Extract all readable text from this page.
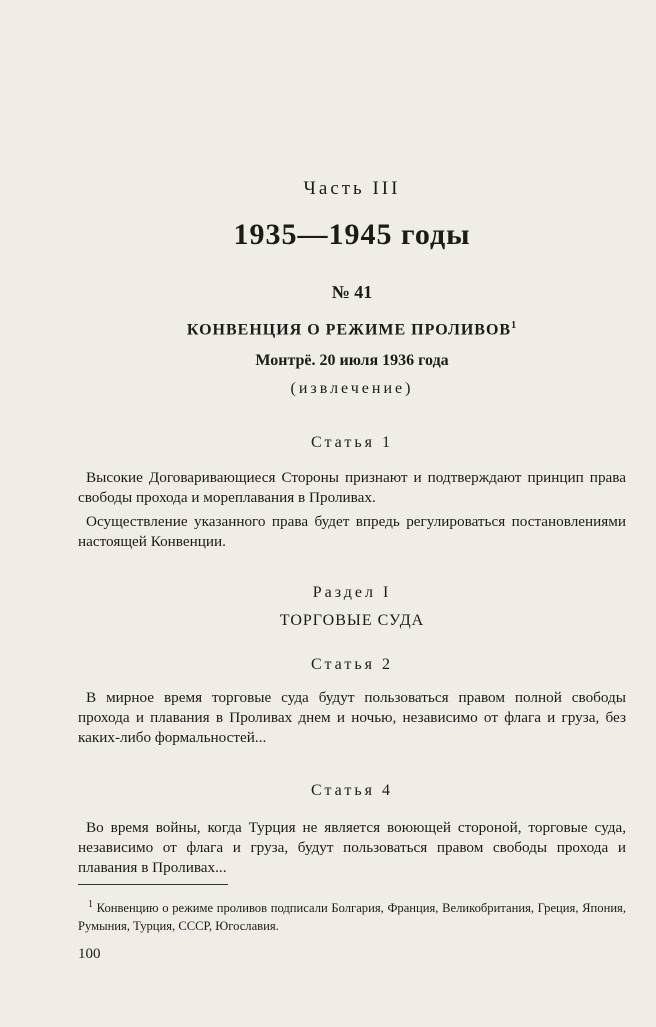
Часть III
1935—1945 годы
№ 41
КОНВЕНЦИЯ О РЕЖИМЕ ПРОЛИВОВ$^1$
Монтрё. 20 июля 1936 года
(извлечение)
Статья 1
Высокие Договаривающиеся Стороны признают и подтверждают принцип права свободы прохода и мореплавания в Проливах.
Осуществление указанного права будет впредь регулироваться постановлениями настоящей Конвенции.
Раздел I
ТОРГОВЫЕ СУДА
Статья 2
В мирное время торговые суда будут пользоваться правом полной свободы прохода и плавания в Проливах днем и ночью, независимо от флага и груза, без каких-либо формальностей...
Статья 4
Во время войны, когда Турция не является воюющей стороной, торговые суда, независимо от флага и груза, будут пользоваться правом свободы прохода и плавания в Проливах...
$^1$ Конвенцию о режиме проливов подписали Болгария, Франция, Великобритания, Греция, Япония, Румыния, Турция, СССР, Югославия.
100
